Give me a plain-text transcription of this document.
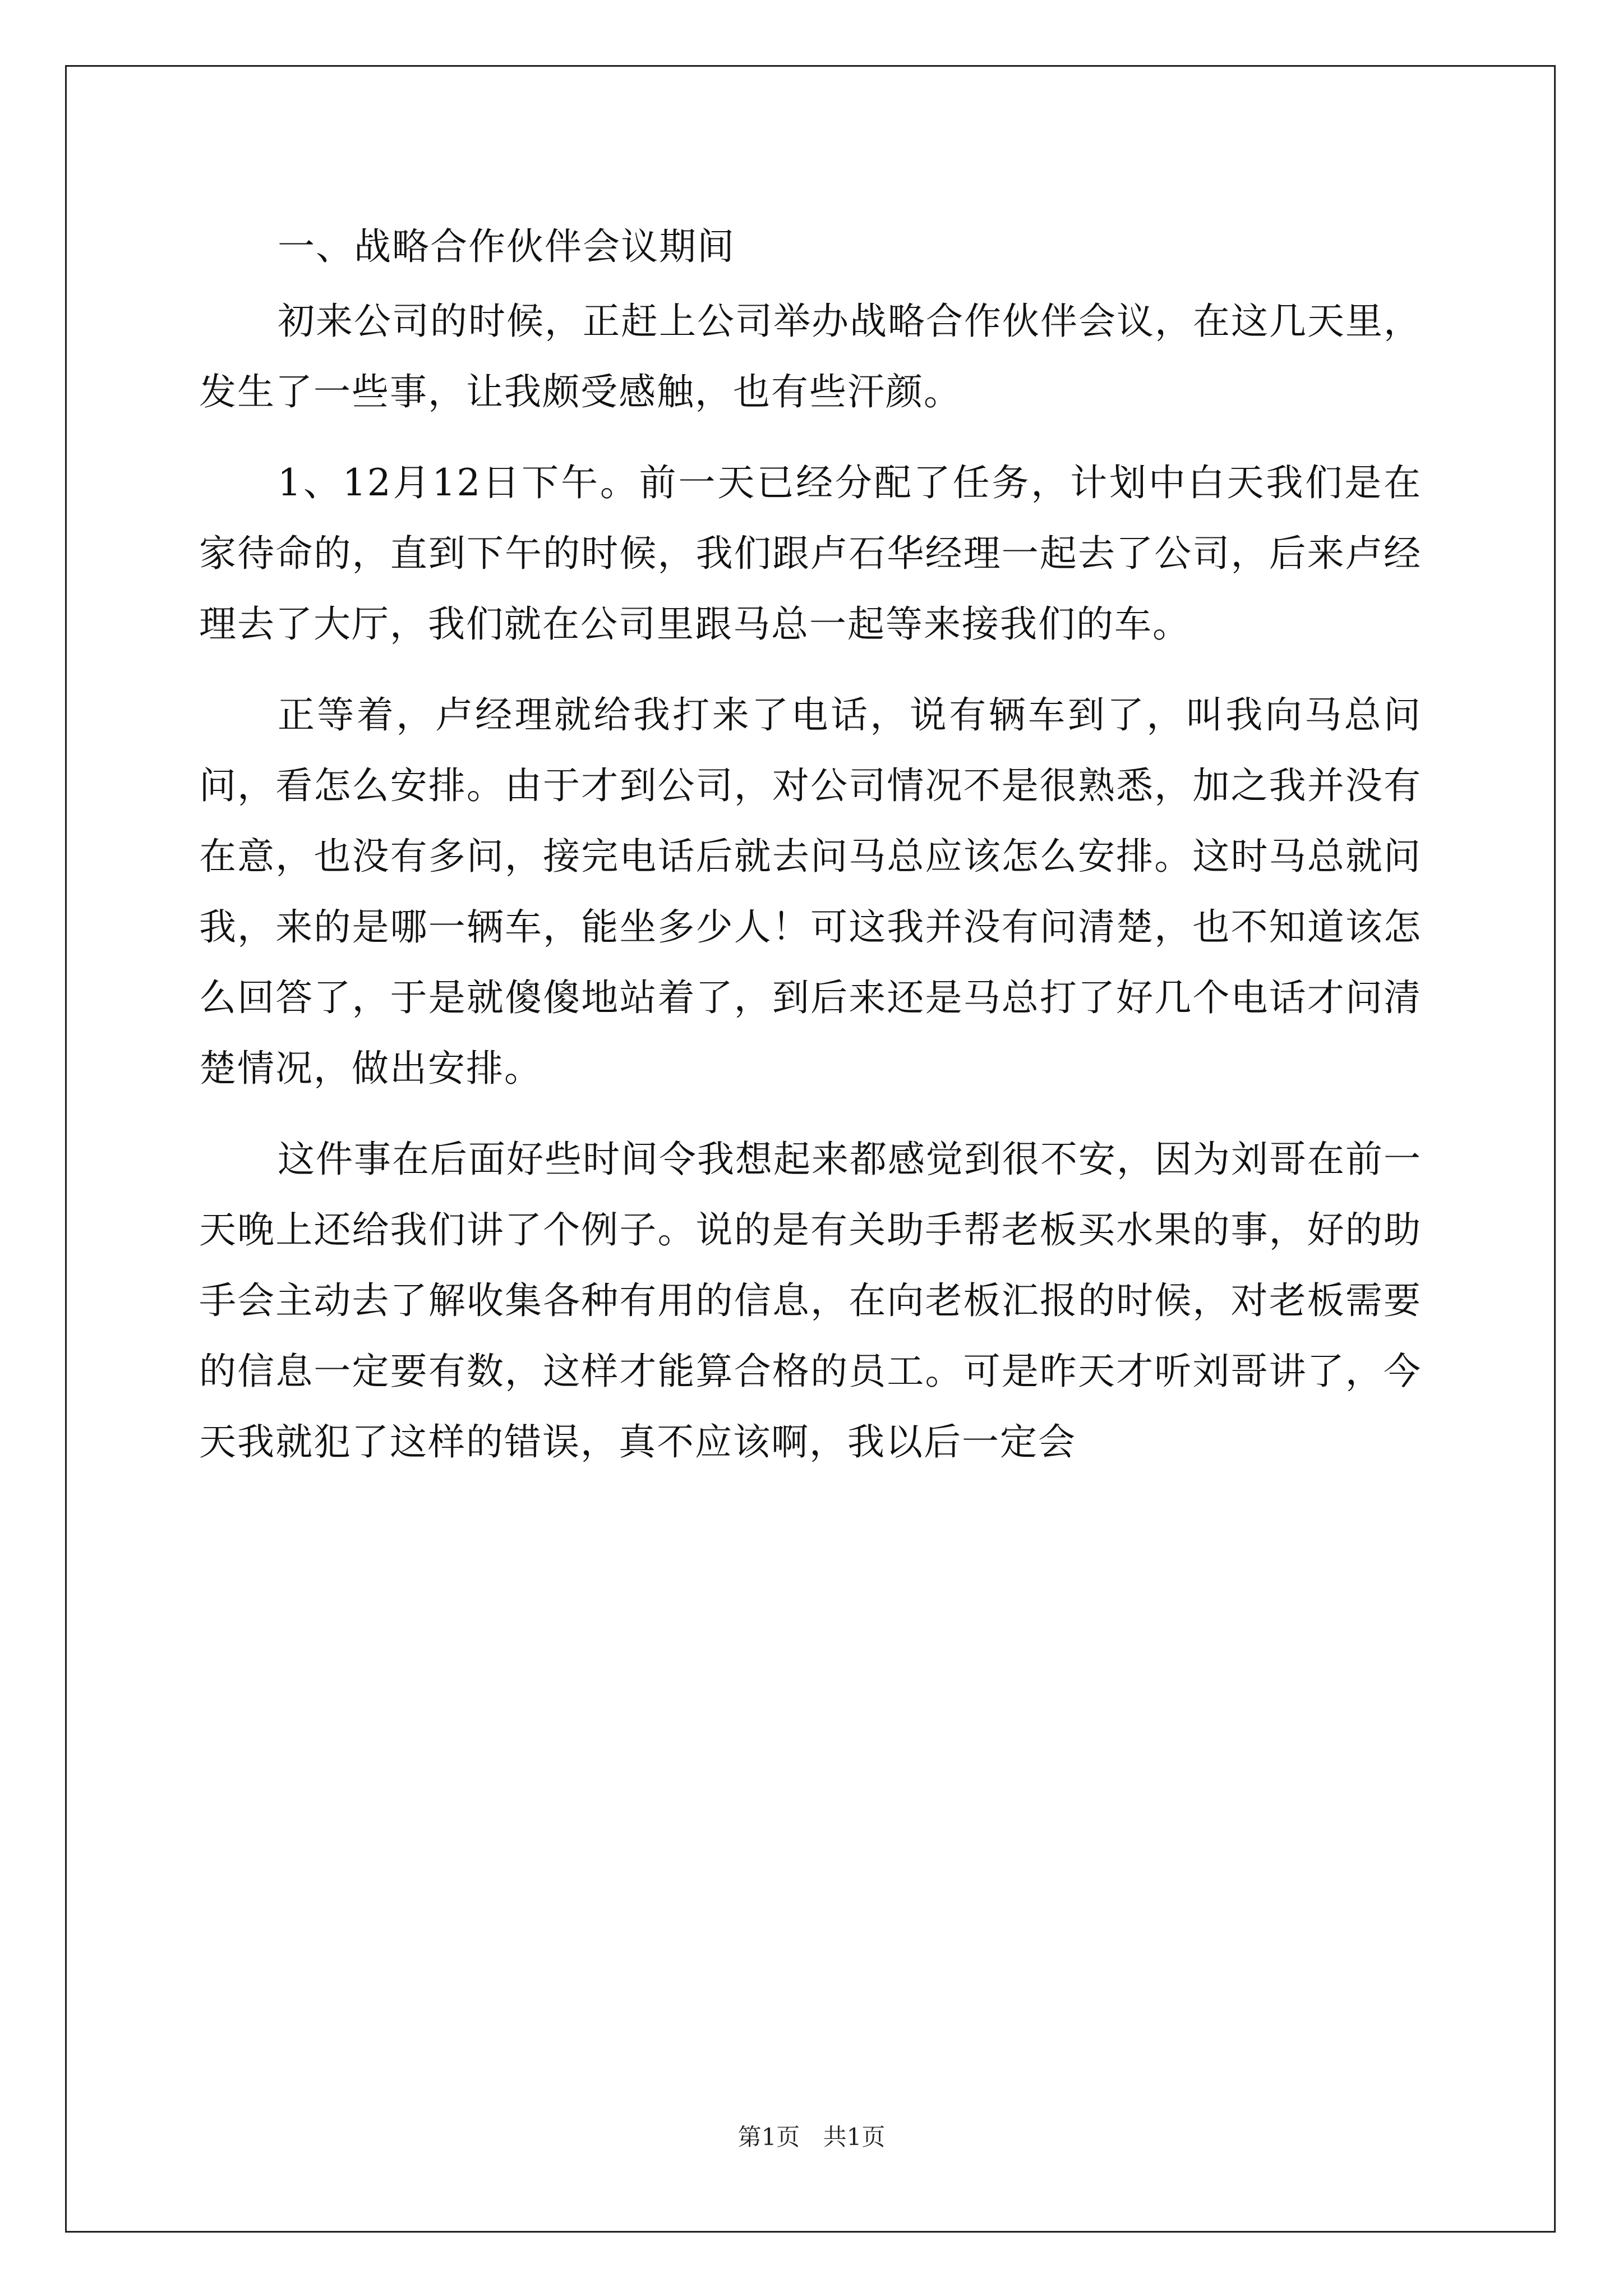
一、战略合作伙伴会议期间

初来公司的时候，正赶上公司举办战略合作伙伴会议，在这几天里，发生了一些事，让我颇受感触，也有些汗颜。

1、12月12日下午。前一天已经分配了任务，计划中白天我们是在家待命的，直到下午的时候，我们跟卢石华经理一起去了公司，后来卢经理去了大厅，我们就在公司里跟马总一起等来接我们的车。

正等着，卢经理就给我打来了电话，说有辆车到了，叫我向马总问问，看怎么安排。由于才到公司，对公司情况不是很熟悉，加之我并没有在意，也没有多问，接完电话后就去问马总应该怎么安排。这时马总就问我，来的是哪一辆车，能坐多少人！可这我并没有问清楚，也不知道该怎么回答了，于是就傻傻地站着了，到后来还是马总打了好几个电话才问清楚情况，做出安排。

这件事在后面好些时间令我想起来都感觉到很不安，因为刘哥在前一天晚上还给我们讲了个例子。说的是有关助手帮老板买水果的事，好的助手会主动去了解收集各种有用的信息，在向老板汇报的时候，对老板需要的信息一定要有数，这样才能算合格的员工。可是昨天才听刘哥讲了，今天我就犯了这样的错误，真不应该啊，我以后一定会

第1页 共1页
